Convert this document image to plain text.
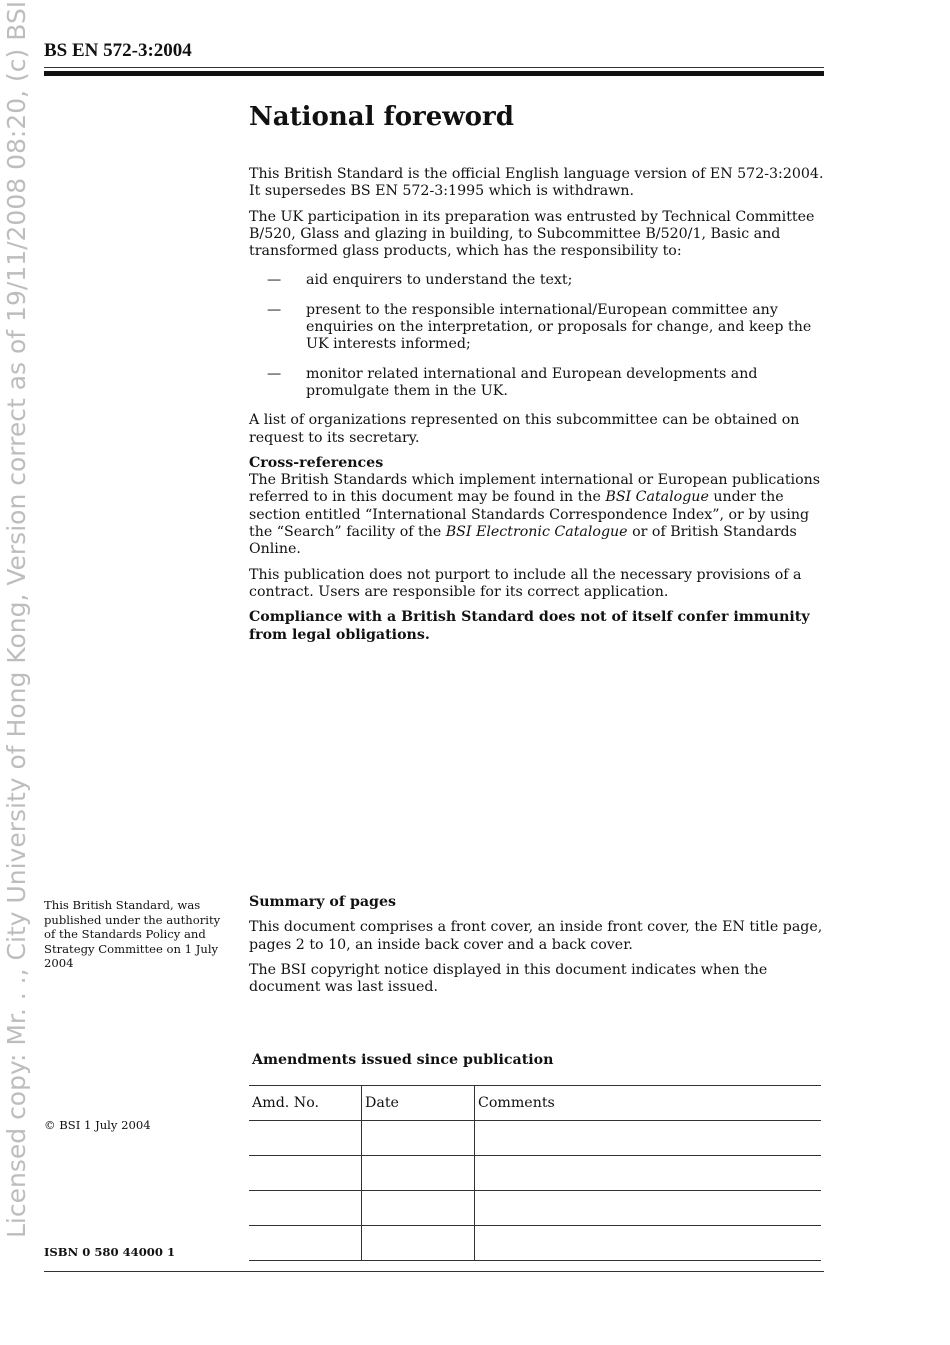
BS EN 572-3:2004
Licensed copy: Mr. . ., City University of Hong Kong, Version correct as of 19/11/2008 08:20, (c) BSI	National foreword

This British Standard is the official English language version of EN 572-3:2004. It supersedes BS EN 572-3:1995 which is withdrawn.

The UK participation in its preparation was entrusted by Technical Committee B/520, Glass and glazing in building, to Subcommittee B/520/1, Basic and transformed glass products, which has the responsibility to:

— aid enquirers to understand the text;
— present to the responsible international/European committee any enquiries on the interpretation, or proposals for change, and keep the UK interests informed;
— monitor related international and European developments and promulgate them in the UK.

A list of organizations represented on this subcommittee can be obtained on request to its secretary.

Cross-references

The British Standards which implement international or European publications referred to in this document may be found in the BSI Catalogue under the section entitled “International Standards Correspondence Index”, or by using the “Search” facility of the BSI Electronic Catalogue or of British Standards Online.

This publication does not purport to include all the necessary provisions of a contract. Users are responsible for its correct application.

Compliance with a British Standard does not of itself confer immunity from legal obligations.

This British Standard, was published under the authority of the Standards Policy and Strategy Committee on 1 July 2004
© BSI 1 July 2004
ISBN 0 580 44000 1
Summary of pages

This document comprises a front cover, an inside front cover, the EN title page, pages 2 to 10, an inside back cover and a back cover.

The BSI copyright notice displayed in this document indicates when the document was last issued.

Amendments issued since publication
Amd. No.	Date	Comments
